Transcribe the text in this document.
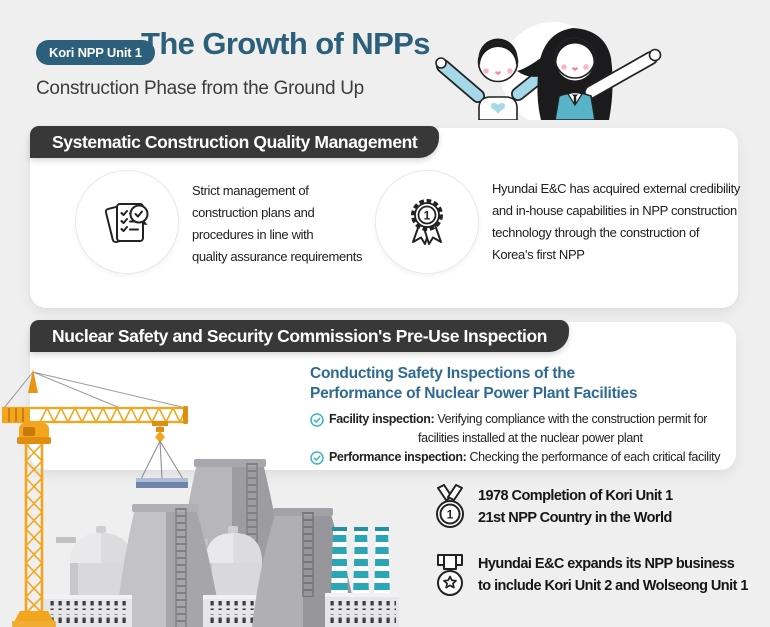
Kori NPP Unit 1 The Growth of NPPs

Construction Phase from the Ground Up

Systematic Construction Quality Management
Strict management of
construction plans and
procedures in line with
quality assurance requirements
1
Hyundai E&C has acquired external credibility
and in-house capabilities in NPP construction
technology through the construction of
Korea's first NPP
Nuclear Safety and Security Commission's Pre-Use Inspection
Conducting Safety Inspections of the
Performance of Nuclear Power Plant Facilities
Facility inspection: Verifying compliance with the construction permit for
facilities installed at the nuclear power plant
Performance inspection: Checking the performance of each critical facility
1
1978 Completion of Kori Unit 1
21st NPP Country in the World
Hyundai E&C expands its NPP business
to include Kori Unit 2 and Wolseong Unit 1
